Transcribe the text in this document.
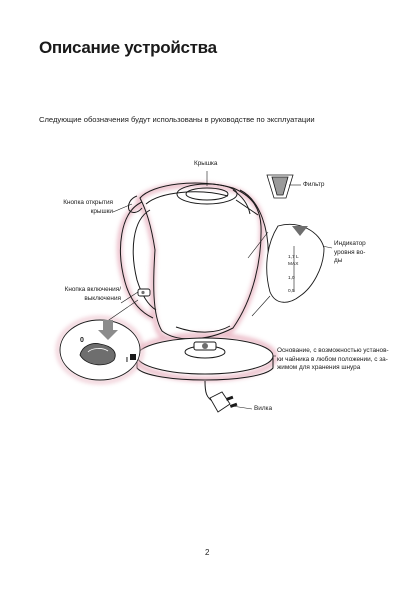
Описание устройства
Следующие обозначения будут использованы в руководстве по эксплуатации
1,7 L
MAX
1,0
0,5
0
I
Крышка
Фильтр
Кнопка открытия
крышки
Индикатор
уровня во-
ды
Кнопка включения/
выключения
Основание, с возможностью установ-
ки чайника в любом положении, с за-
жимом для хранения шнура
Вилка
2
